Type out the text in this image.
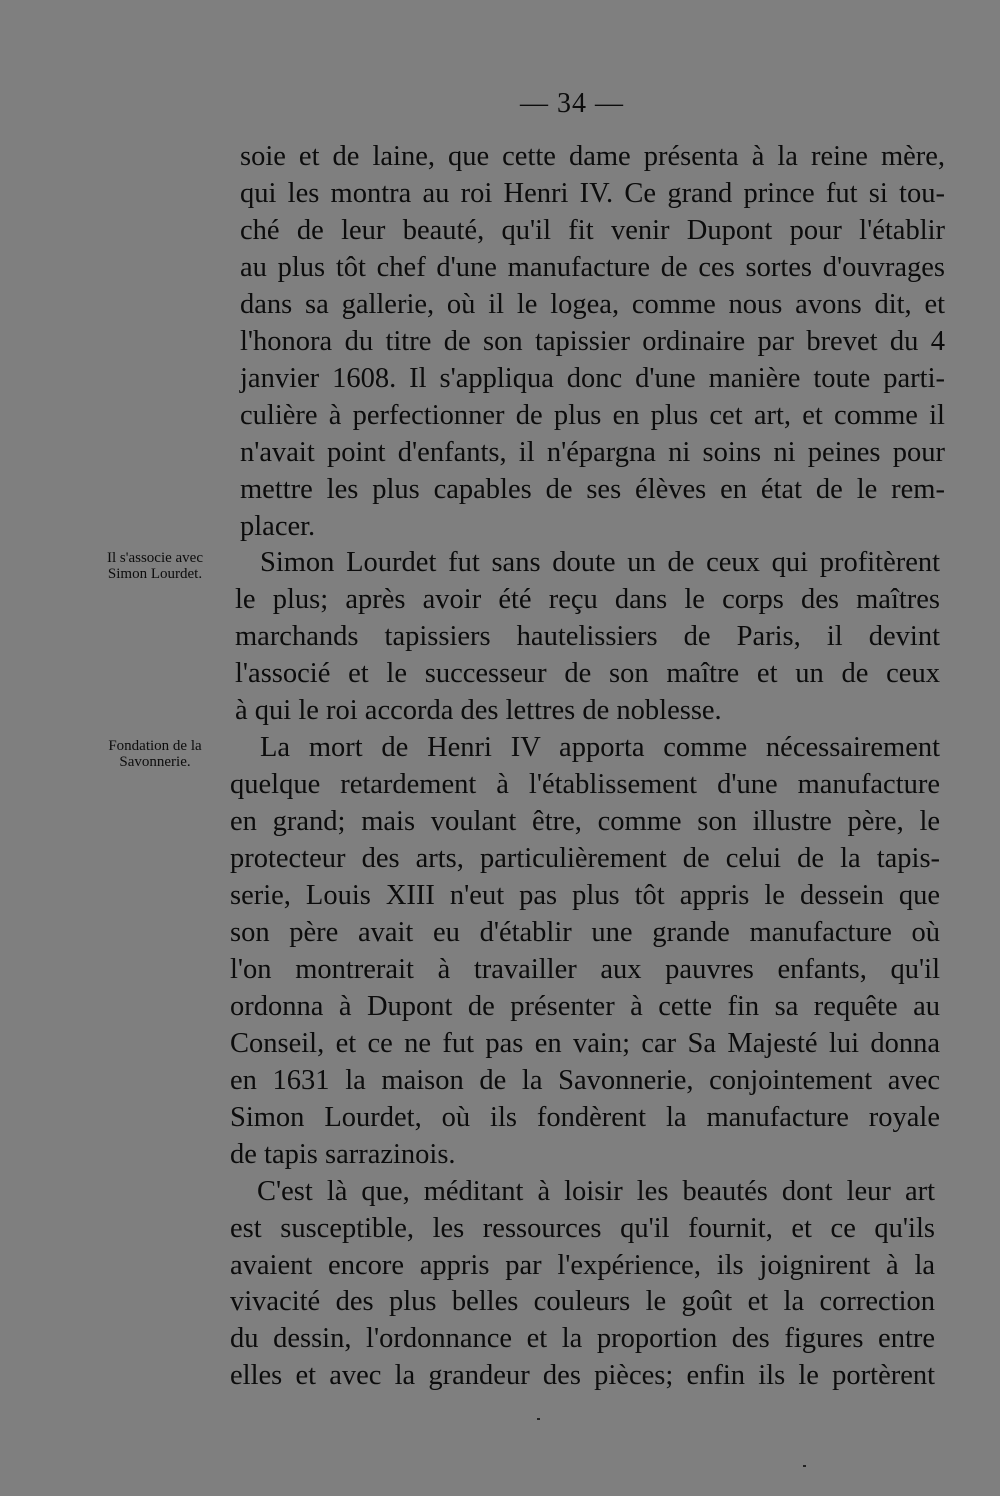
— 34 —
Il s'associe avec
Simon Lourdet.
Fondation de la
Savonnerie.
soie et de laine, que cette dame présenta à la reine mère,
qui les montra au roi Henri IV. Ce grand prince fut si tou-
ché de leur beauté, qu'il fit venir Dupont pour l'établir
au plus tôt chef d'une manufacture de ces sortes d'ouvrages
dans sa gallerie, où il le logea, comme nous avons dit, et
l'honora du titre de son tapissier ordinaire par brevet du 4
janvier 1608. Il s'appliqua donc d'une manière toute parti-
culière à perfectionner de plus en plus cet art, et comme il
n'avait point d'enfants, il n'épargna ni soins ni peines pour
mettre les plus capables de ses élèves en état de le rem-
placer.
Simon Lourdet fut sans doute un de ceux qui profitèrent
le plus; après avoir été reçu dans le corps des maîtres
marchands tapissiers hautelissiers de Paris, il devint
l'associé et le successeur de son maître et un de ceux
à qui le roi accorda des lettres de noblesse.
La mort de Henri IV apporta comme nécessairement
quelque retardement à l'établissement d'une manufacture
en grand; mais voulant être, comme son illustre père, le
protecteur des arts, particulièrement de celui de la tapis-
serie, Louis XIII n'eut pas plus tôt appris le dessein que
son père avait eu d'établir une grande manufacture où
l'on montrerait à travailler aux pauvres enfants, qu'il
ordonna à Dupont de présenter à cette fin sa requête au
Conseil, et ce ne fut pas en vain; car Sa Majesté lui donna
en 1631 la maison de la Savonnerie, conjointement avec
Simon Lourdet, où ils fondèrent la manufacture royale
de tapis sarrazinois.
C'est là que, méditant à loisir les beautés dont leur art
est susceptible, les ressources qu'il fournit, et ce qu'ils
avaient encore appris par l'expérience, ils joignirent à la
vivacité des plus belles couleurs le goût et la correction
du dessin, l'ordonnance et la proportion des figures entre
elles et avec la grandeur des pièces; enfin ils le portèrent
